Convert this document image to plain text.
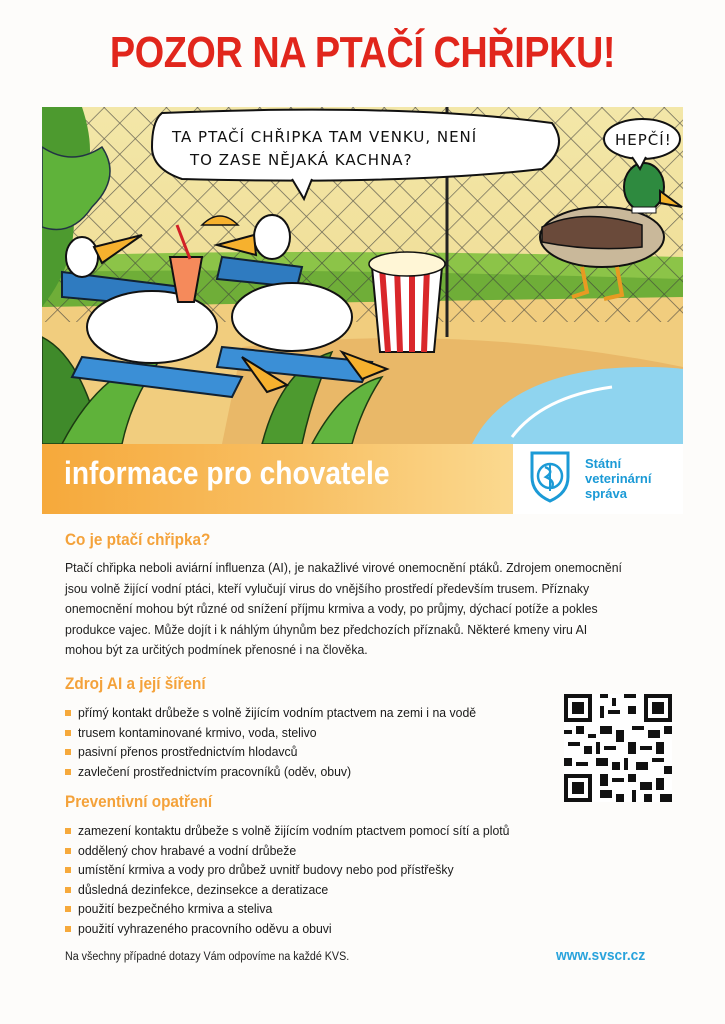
POZOR NA PTAČÍ CHŘIPKU!
TA PTAČÍ CHŘIPKA TAM VENKU, NENÍ
TO ZASE NĚJAKÁ KACHNA?
HEPČÍ!
informace pro chovatele	Státní
veterinární
správa
Co je ptačí chřipka?
Ptačí chřipka neboli aviární influenza (AI), je nakažlivé virové onemocnění ptáků. Zdrojem onemocnění
jsou volně žijící vodní ptáci, kteří vylučují virus do vnějšího prostředí především trusem. Příznaky
onemocnění mohou být různé od snížení příjmu krmiva a vody, po průjmy, dýchací potíže a pokles
produkce vajec. Může dojít i k náhlým úhynům bez předchozích příznaků. Některé kmeny viru AI
mohou být za určitých podmínek přenosné i na člověka.
Zdroj AI a její šíření
přímý kontakt drůbeže s volně žijícím vodním ptactvem na zemi i na vodě
trusem kontaminované krmivo, voda, stelivo
pasivní přenos prostřednictvím hlodavců
zavlečení prostřednictvím pracovníků (oděv, obuv)
Preventivní opatření
zamezení kontaktu drůbeže s volně žijícím vodním ptactvem pomocí sítí a plotů
oddělený chov hrabavé a vodní drůbeže
umístění krmiva a vody pro drůbež uvnitř budovy nebo pod přístřešky
důsledná dezinfekce, dezinsekce a deratizace
použití bezpečného krmiva a steliva
použití vyhrazeného pracovního oděvu a obuvi
Na všechny případné dotazy Vám odpovíme na každé KVS.	www.svscr.cz
